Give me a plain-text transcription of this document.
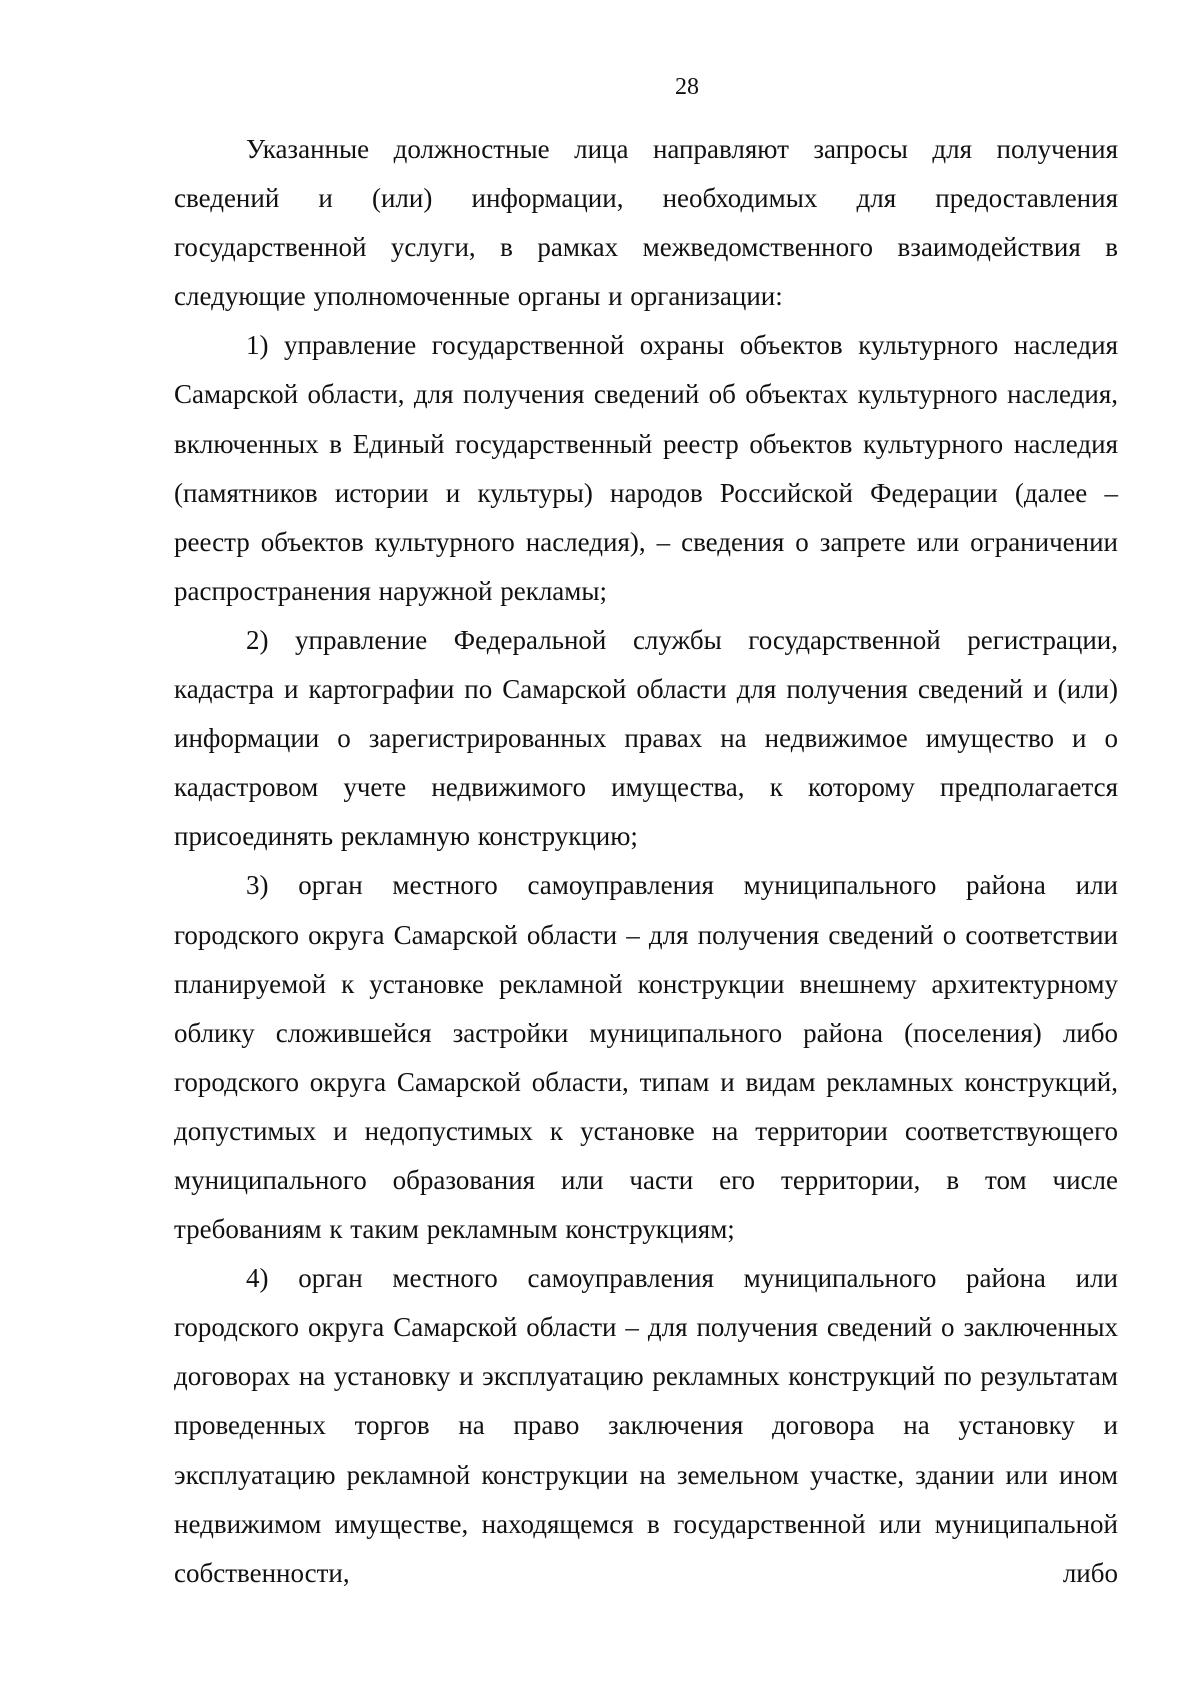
28

Указанные должностные лица направляют запросы для получения сведений и (или) информации, необходимых для предоставления государственной услуги, в рамках межведомственного взаимодействия в следующие уполномоченные органы и организации:

1) управление государственной охраны объектов культурного наследия Самарской области, для получения сведений об объектах культурного наследия, включенных в Единый государственный реестр объектов культурного наследия (памятников истории и культуры) народов Российской Федерации (далее – реестр объектов культурного наследия), – сведения о запрете или ограничении распространения наружной рекламы;

2) управление Федеральной службы государственной регистрации, кадастра и картографии по Самарской области для получения сведений и (или) информации о зарегистрированных правах на недвижимое имущество и о кадастровом учете недвижимого имущества, к которому предполагается присоединять рекламную конструкцию;

3) орган местного самоуправления муниципального района или городского округа Самарской области – для получения сведений о соответствии планируемой к установке рекламной конструкции внешнему архитектурному облику сложившейся застройки муниципального района (поселения) либо городского округа Самарской области, типам и видам рекламных конструкций, допустимых и недопустимых к установке на территории соответствующего муниципального образования или части его территории, в том числе требованиям к таким рекламным конструкциям;

4) орган местного самоуправления муниципального района или городского округа Самарской области – для получения сведений о заключенных договорах на установку и эксплуатацию рекламных конструкций по результатам проведенных торгов на право заключения договора на установку и эксплуатацию рекламной конструкции на земельном участке, здании или ином недвижимом имуществе, находящемся в государственной или муниципальной собственности, либо
